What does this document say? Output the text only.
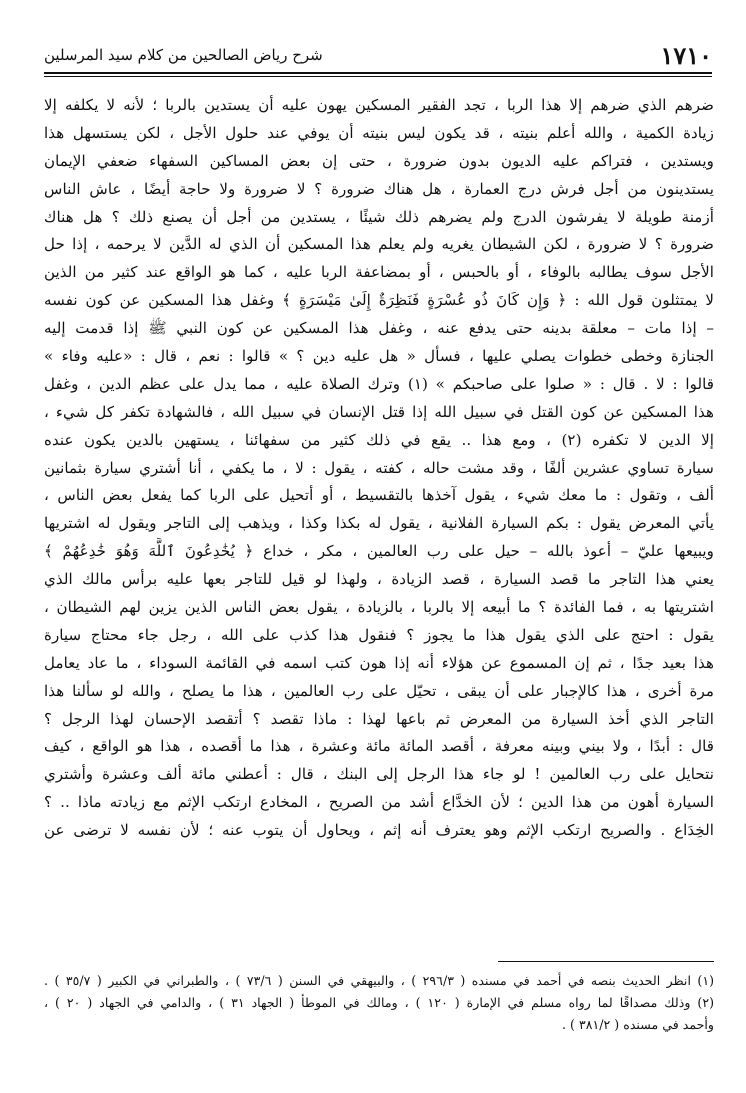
١٧١٠
شرح رياض الصالحين من كلام سيد المرسلين
ضرهم الذي ضرهم إلا هذا الربا ، تجد الفقير المسكين يهون عليه أن يستدين بالربا ؛ لأنه لا يكلفه إلا
زيادة الكمية ، والله أعلم بنيته ، قد يكون ليس بنيته أن يوفي عند حلول الأجل ، لكن يستسهل هذا
ويستدين ، فتراكم عليه الديون بدون ضرورة ، حتى إن بعض المساكين السفهاء ضعفي الإيمان
يستدينون من أجل فرش درج العمارة ، هل هناك ضرورة ؟ لا ضرورة ولا حاجة أيضًا ، عاش الناس
أزمنة طويلة لا يفرشون الدرج ولم يضرهم ذلك شيئًا ، يستدين من أجل أن يصنع ذلك ؟ هل هناك
ضرورة ؟ لا ضرورة ، لكن الشيطان يغريه ولم يعلم هذا المسكين أن الذي له الدَّين لا يرحمه ، إذا حل
الأجل سوف يطالبه بالوفاء ، أو بالحبس ، أو بمضاعفة الربا عليه ، كما هو الواقع عند كثير من الذين
لا يمتثلون قول الله : ﴿ وَإِن كَانَ ذُو عُسْرَةٍ فَنَظِرَةٌ إِلَىٰ مَيْسَرَةٍ ﴾ وغفل هذا المسكين عن كون نفسه
– إذا مات – معلقة بدينه حتى يدفع عنه ، وغفل هذا المسكين عن كون النبي ﷺ إذا قدمت إليه
الجنازة وخطى خطوات يصلي عليها ، فسأل « هل عليه دين ؟ » قالوا : نعم ، قال : «عليه وفاء »
قالوا : لا . قال : « صلوا على صاحبكم » (١) وترك الصلاة عليه ، مما يدل على عظم الدين ، وغفل
هذا المسكين عن كون القتل في سبيل الله إذا قتل الإنسان في سبيل الله ، فالشهادة تكفر كل شيء ،
إلا الدين لا تكفره (٢) ، ومع هذا .. يقع في ذلك كثير من سفهائنا ، يستهين بالدين يكون عنده
سيارة تساوي عشرين ألفًا ، وقد مشت حاله ، كفته ، يقول : لا ، ما يكفي ، أنا أشتري سيارة بثمانين
ألف ، وتقول : ما معك شيء ، يقول آخذها بالتقسيط ، أو أتحيل على الربا كما يفعل بعض الناس ،
يأتي المعرض يقول : بكم السيارة الفلانية ، يقول له بكذا وكذا ، ويذهب إلى التاجر ويقول له اشتريها
ويبيعها عليّ – أعوذ بالله – حيل على رب العالمين ، مكر ، خداع ﴿ يُخَٰدِعُونَ ٱللَّهَ وَهُوَ خَٰدِعُهُمْ ﴾
يعني هذا التاجر ما قصد السيارة ، قصد الزيادة ، ولهذا لو قيل للتاجر بعها عليه برأس مالك الذي
اشتريتها به ، فما الفائدة ؟ ما أبيعه إلا بالربا ، بالزيادة ، يقول بعض الناس الذين يزين لهم الشيطان ،
يقول : احتج على الذي يقول هذا ما يجوز ؟ فنقول هذا كذب على الله ، رجل جاء محتاج سيارة
هذا بعيد جدًا ، ثم إن المسموع عن هؤلاء أنه إذا هون كتب اسمه في القائمة السوداء ، ما عاد يعامل
مرة أخرى ، هذا كالإجبار على أن يبقى ، تحيّل على رب العالمين ، هذا ما يصلح ، والله لو سألنا هذا
التاجر الذي أخذ السيارة من المعرض ثم باعها لهذا : ماذا تقصد ؟ أتقصد الإحسان لهذا الرجل ؟
قال : أبدًا ، ولا بيني وبينه معرفة ، أقصد المائة مائة وعشرة ، هذا ما أقصده ، هذا هو الواقع ، كيف
نتحايل على رب العالمين ! لو جاء هذا الرجل إلى البنك ، قال : أعطني مائة ألف وعشرة وأشتري
السيارة أهون من هذا الدين ؛ لأن الخدَّاع أشد من الصريح ، المخادع ارتكب الإثم مع زيادته ماذا .. ؟
الخِدَاع . والصريح ارتكب الإثم وهو يعترف أنه إثم ، ويحاول أن يتوب عنه ؛ لأن نفسه لا ترضى عن
(١) انظر الحديث بنصه في أحمد في مسنده ( ٢٩٦/٣ ) ، والبيهقي في السنن ( ٧٣/٦ ) ، والطبراني في الكبير ( ٣٥/٧ ) .
(٢) وذلك مصداقًا لما رواه مسلم في الإمارة ( ١٢٠ ) ، ومالك في الموطأ ( الجهاد ٣١ ) ، والدامي في الجهاد ( ٢٠ ) ،
وأحمد في مسنده ( ٣٨١/٢ ) .
